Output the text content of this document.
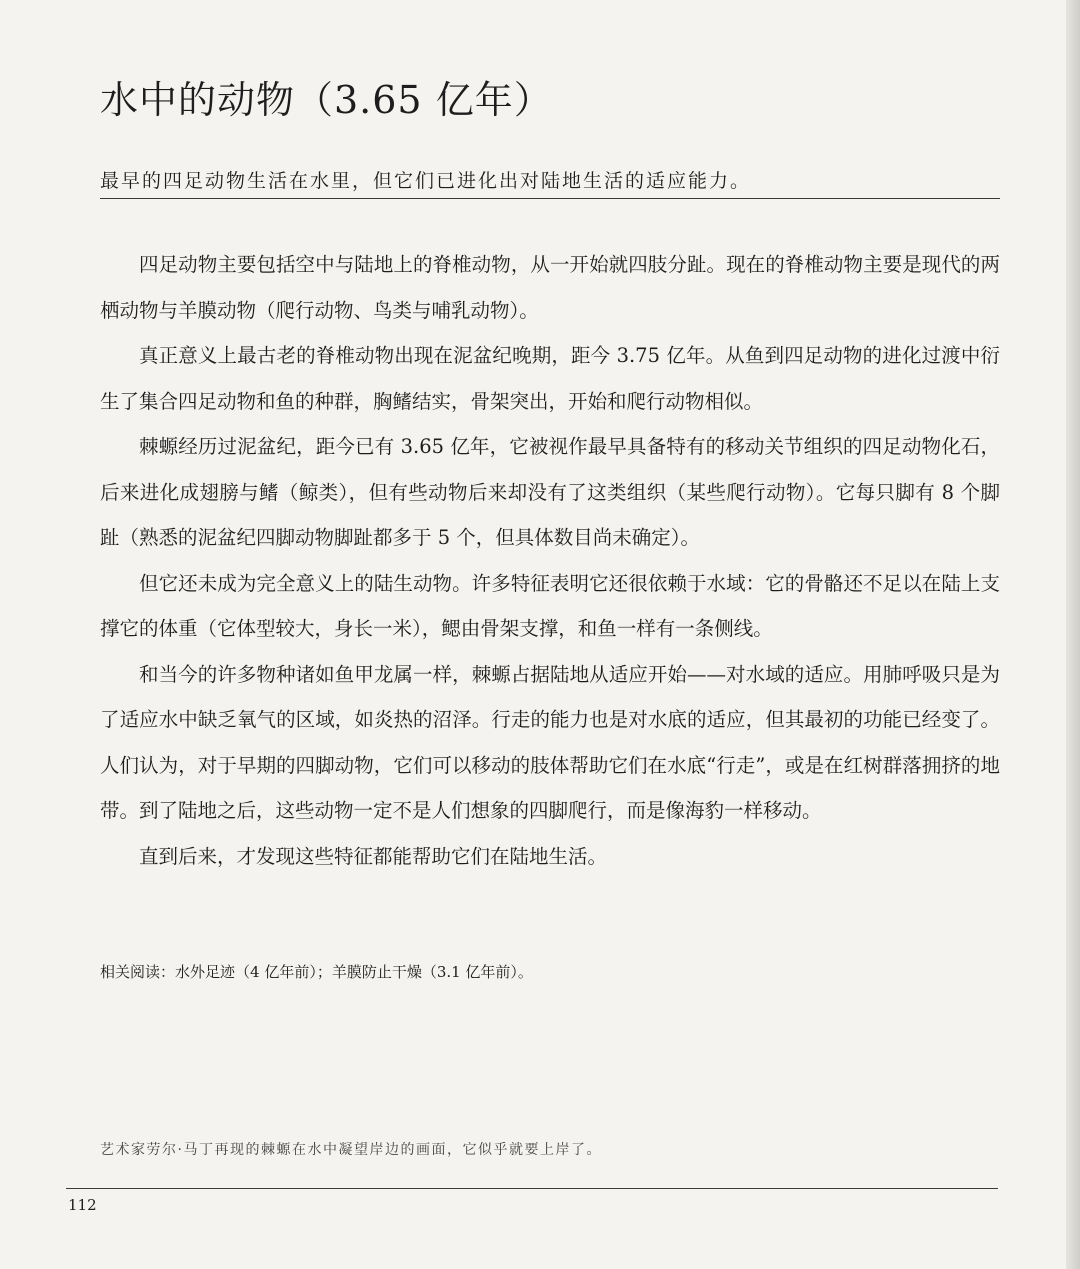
水中的动物（3.65 亿年）

最早的四足动物生活在水里，但它们已进化出对陆地生活的适应能力。

四足动物主要包括空中与陆地上的脊椎动物，从一开始就四肢分趾。现在的脊椎动物主要是现代的两栖动物与羊膜动物（爬行动物、鸟类与哺乳动物）。

真正意义上最古老的脊椎动物出现在泥盆纪晚期，距今 3.75 亿年。从鱼到四足动物的进化过渡中衍生了集合四足动物和鱼的种群，胸鳍结实，骨架突出，开始和爬行动物相似。

棘螈经历过泥盆纪，距今已有 3.65 亿年，它被视作最早具备特有的移动关节组织的四足动物化石，后来进化成翅膀与鳍（鲸类），但有些动物后来却没有了这类组织（某些爬行动物）。它每只脚有 8 个脚趾（熟悉的泥盆纪四脚动物脚趾都多于 5 个，但具体数目尚未确定）。

但它还未成为完全意义上的陆生动物。许多特征表明它还很依赖于水域：它的骨骼还不足以在陆上支撑它的体重（它体型较大，身长一米），鳃由骨架支撑，和鱼一样有一条侧线。

和当今的许多物种诸如鱼甲龙属一样，棘螈占据陆地从适应开始——对水域的适应。用肺呼吸只是为了适应水中缺乏氧气的区域，如炎热的沼泽。行走的能力也是对水底的适应，但其最初的功能已经变了。人们认为，对于早期的四脚动物，它们可以移动的肢体帮助它们在水底“行走”，或是在红树群落拥挤的地带。到了陆地之后，这些动物一定不是人们想象的四脚爬行，而是像海豹一样移动。

直到后来，才发现这些特征都能帮助它们在陆地生活。

相关阅读：水外足迹（4 亿年前）；羊膜防止干燥（3.1 亿年前）。

艺术家劳尔·马丁再现的棘螈在水中凝望岸边的画面，它似乎就要上岸了。

112
